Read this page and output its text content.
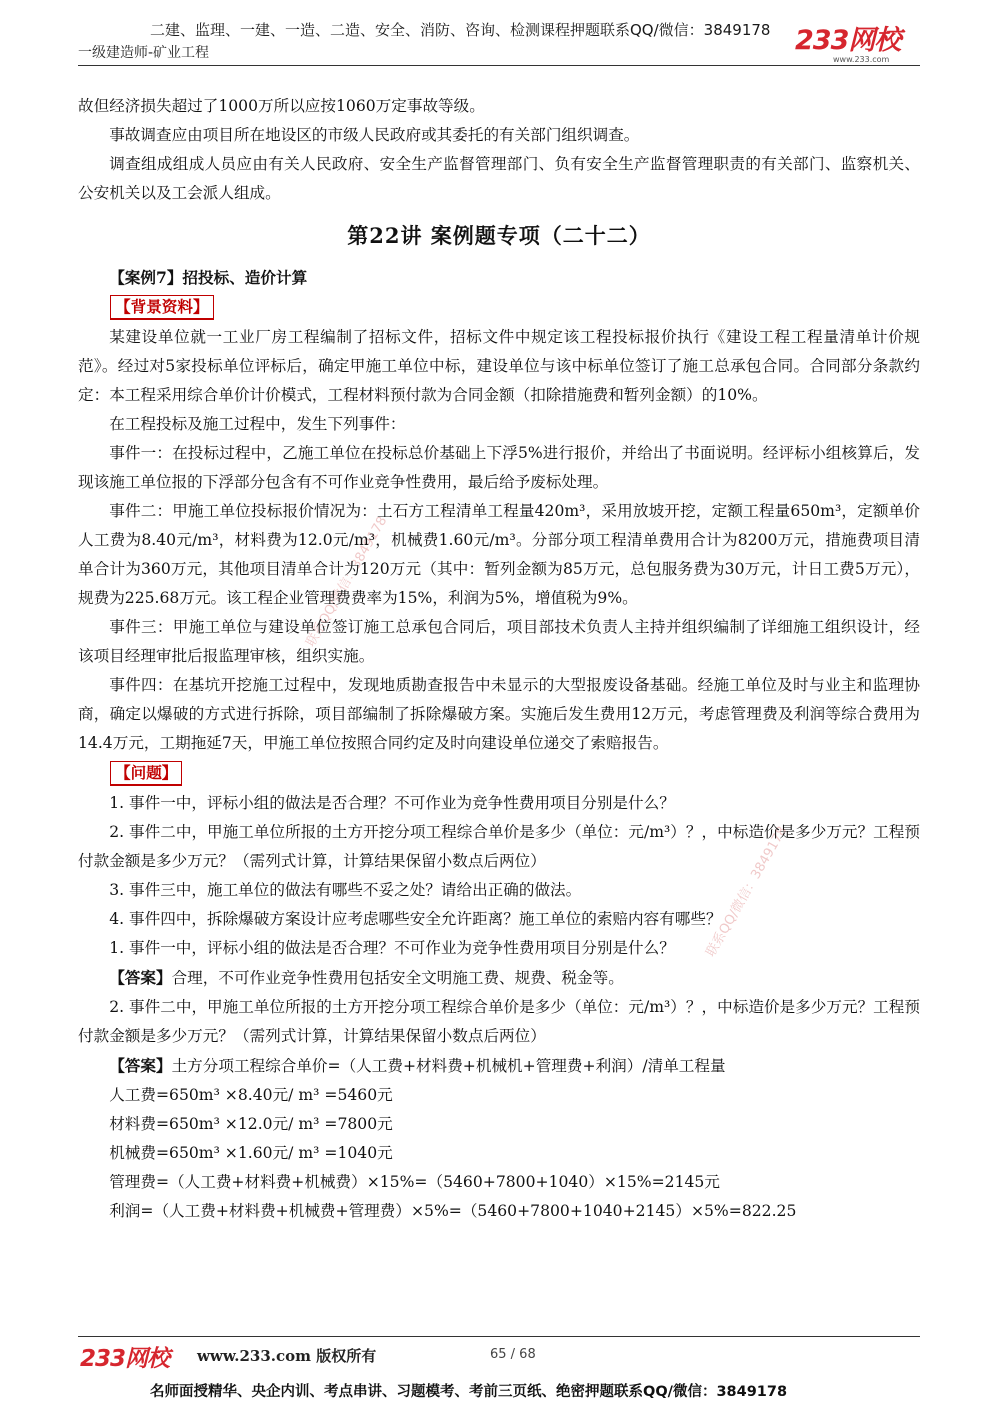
二建、监理、一建、一造、二造、安全、消防、咨询、检测课程押题联系QQ/微信：3849178
一级建造师-矿业工程	233网校
www.233.com
联系QQ/微信：3849178
联系QQ/微信：3849178

故但经济损失超过了1000万所以应按1060万定事故等级。

事故调查应由项目所在地设区的市级人民政府或其委托的有关部门组织调查。

调查组成组成人员应由有关人民政府、安全生产监督管理部门、负有安全生产监督管理职责的有关部门、监察机关、公安机关以及工会派人组成。

第22讲 案例题专项（二十二）

【案例7】招投标、造价计算

【背景资料】

某建设单位就一工业厂房工程编制了招标文件，招标文件中规定该工程投标报价执行《建设工程工程量清单计价规范》。经过对5家投标单位评标后，确定甲施工单位中标，建设单位与该中标单位签订了施工总承包合同。合同部分条款约定：本工程采用综合单价计价模式，工程材料预付款为合同金额（扣除措施费和暂列金额）的10%。

在工程投标及施工过程中，发生下列事件：

事件一：在投标过程中，乙施工单位在投标总价基础上下浮5%进行报价，并给出了书面说明。经评标小组核算后，发现该施工单位报的下浮部分包含有不可作业竞争性费用，最后给予废标处理。

事件二：甲施工单位投标报价情况为：土石方工程清单工程量420m³，采用放坡开挖，定额工程量650m³，定额单价人工费为8.40元/m³，材料费为12.0元/m³，机械费1.60元/m³。分部分项工程清单费用合计为8200万元，措施费项目清单合计为360万元，其他项目清单合计为120万元（其中：暂列金额为85万元，总包服务费为30万元，计日工费5万元），规费为225.68万元。该工程企业管理费费率为15%，利润为5%，增值税为9%。

事件三：甲施工单位与建设单位签订施工总承包合同后，项目部技术负责人主持并组织编制了详细施工组织设计，经该项目经理审批后报监理审核，组织实施。

事件四：在基坑开挖施工过程中，发现地质勘查报告中未显示的大型报废设备基础。经施工单位及时与业主和监理协商，确定以爆破的方式进行拆除，项目部编制了拆除爆破方案。实施后发生费用12万元，考虑管理费及利润等综合费用为14.4万元，工期拖延7天，甲施工单位按照合同约定及时向建设单位递交了索赔报告。

【问题】

1. 事件一中，评标小组的做法是否合理？不可作业为竞争性费用项目分别是什么？

2. 事件二中，甲施工单位所报的土方开挖分项工程综合单价是多少（单位：元/m³）？，中标造价是多少万元？工程预付款金额是多少万元？（需列式计算，计算结果保留小数点后两位）

3. 事件三中，施工单位的做法有哪些不妥之处？请给出正确的做法。

4. 事件四中，拆除爆破方案设计应考虑哪些安全允许距离？施工单位的索赔内容有哪些？

1. 事件一中，评标小组的做法是否合理？不可作业为竞争性费用项目分别是什么？

【答案】合理，不可作业竞争性费用包括安全文明施工费、规费、税金等。

2. 事件二中，甲施工单位所报的土方开挖分项工程综合单价是多少（单位：元/m³）？，中标造价是多少万元？工程预付款金额是多少万元？（需列式计算，计算结果保留小数点后两位）

【答案】土方分项工程综合单价=（人工费+材料费+机械机+管理费+利润）/清单工程量

人工费=650m³ ×8.40元/ m³ =5460元

材料费=650m³ ×12.0元/ m³ =7800元

机械费=650m³ ×1.60元/ m³ =1040元

管理费=（人工费+材料费+机械费）×15%=（5460+7800+1040）×15%=2145元

利润=（人工费+材料费+机械费+管理费）×5%=（5460+7800+1040+2145）×5%=822.25

233网校 www.233.com 版权所有	65 / 68
名师面授精华、央企内训、考点串讲、习题模考、考前三页纸、绝密押题联系QQ/微信：3849178
